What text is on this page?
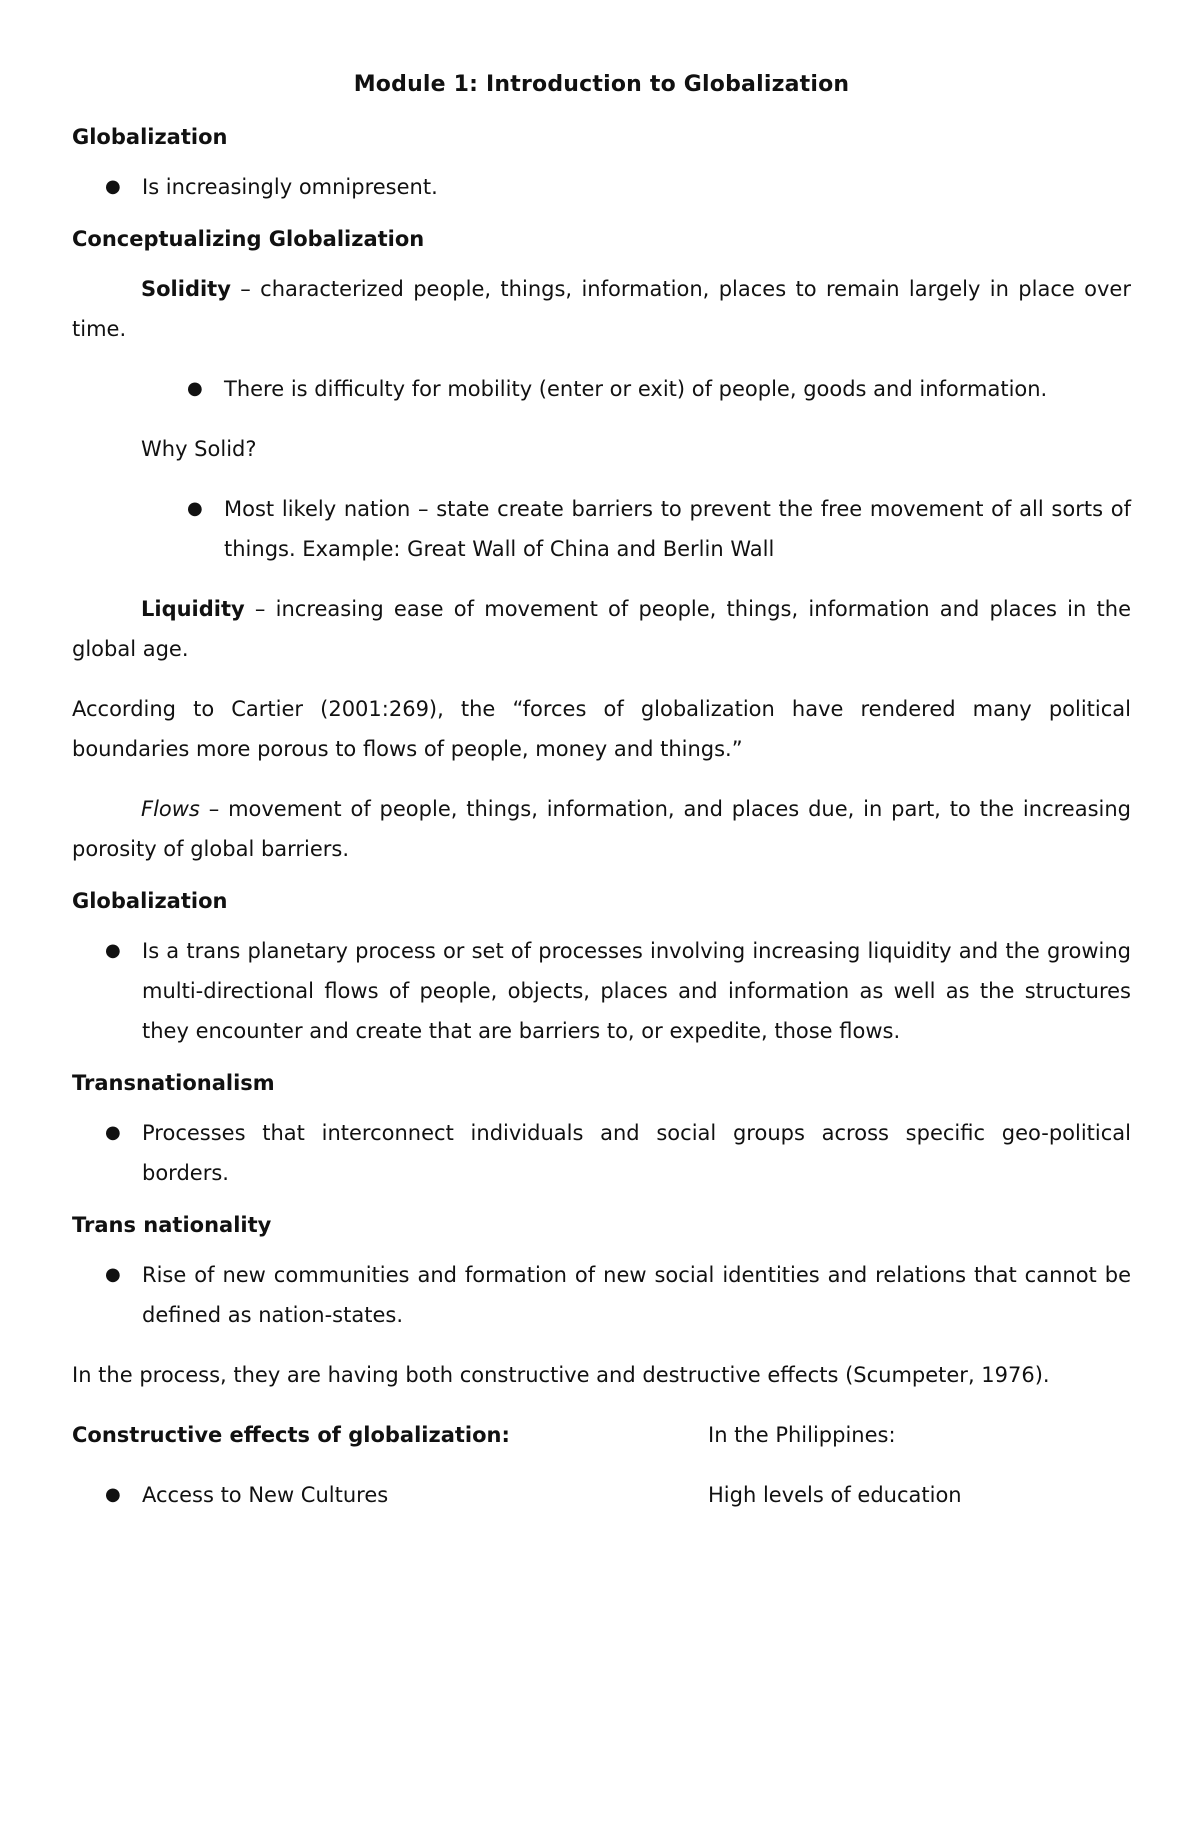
Module 1: Introduction to Globalization
Globalization
● Is increasingly omnipresent.
Conceptualizing Globalization

Solidity – characterized people, things, information, places to remain largely in place over time.

● There is difficulty for mobility (enter or exit) of people, goods and information.

Why Solid?

● Most likely nation – state create barriers to prevent the free movement of all sorts of things. Example: Great Wall of China and Berlin Wall

Liquidity – increasing ease of movement of people, things, information and places in the global age.

According to Cartier (2001:269), the “forces of globalization have rendered many political boundaries more porous to flows of people, money and things.”

Flows – movement of people, things, information, and places due, in part, to the increasing porosity of global barriers.

Globalization
● Is a trans planetary process or set of processes involving increasing liquidity and the growing multi-directional flows of people, objects, places and information as well as the structures they encounter and create that are barriers to, or expedite, those flows.
Transnationalism
● Processes that interconnect individuals and social groups across specific geo-political borders.
Trans nationality
● Rise of new communities and formation of new social identities and relations that cannot be defined as nation-states.

In the process, they are having both constructive and destructive effects (Scumpeter, 1976).

Constructive effects of globalization:	In the Philippines:
● Access to New Cultures	High levels of education
